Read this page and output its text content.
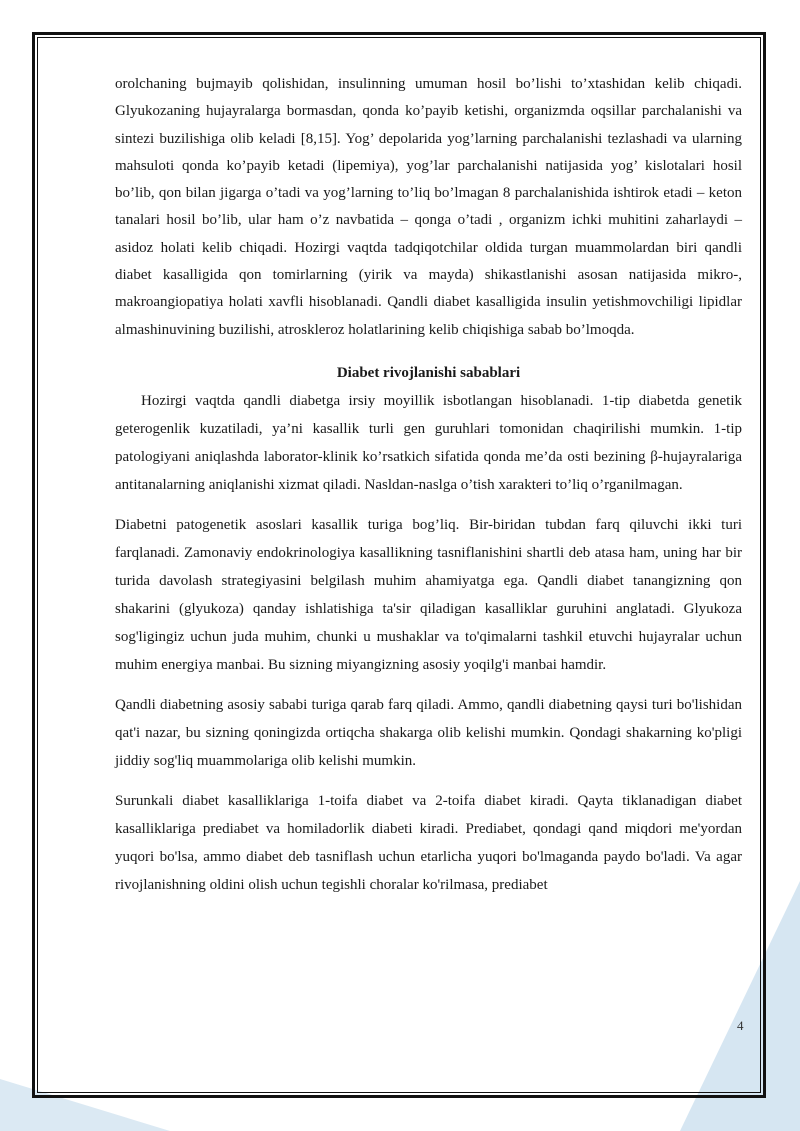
orolchaning bujmayib qolishidan, insulinning umuman hosil bo’lishi to’xtashidan kelib chiqadi. Glyukozaning hujayralarga bormasdan, qonda ko’payib ketishi, organizmda oqsillar parchalanishi va sintezi buzilishiga olib keladi [8,15]. Yog’ depolarida yog’larning parchalanishi tezlashadi va ularning mahsuloti qonda ko’payib ketadi (lipemiya), yog’lar parchalanishi natijasida yog’ kislotalari hosil bo’lib, qon bilan jigarga o’tadi va yog’larning to’liq bo’lmagan 8 parchalanishida ishtirok etadi – keton tanalari hosil bo’lib, ular ham o’z navbatida – qonga o’tadi , organizm ichki muhitini zaharlaydi – asidoz holati kelib chiqadi. Hozirgi vaqtda tadqiqotchilar oldida turgan muammolardan biri qandli diabet kasalligida qon tomirlarning (yirik va mayda) shikastlanishi asosan natijasida mikro-, makroangiopatiya holati xavfli hisoblanadi. Qandli diabet kasalligida insulin yetishmovchiligi lipidlar almashinuvining buzilishi, atroskleroz holatlarining kelib chiqishiga sabab bo’lmoqda.

Diabet rivojlanishi sabablari

Hozirgi vaqtda qandli diabetga irsiy moyillik isbotlangan hisoblanadi. 1-tip diabetda genetik geterogenlik kuzatiladi, ya’ni kasallik turli gen guruhlari tomonidan chaqirilishi mumkin. 1-tip patologiyani aniqlashda laborator-klinik ko’rsatkich sifatida qonda me’da osti bezining β-hujayralariga antitanalarning aniqlanishi xizmat qiladi. Nasldan-naslga o’tish xarakteri to’liq o’rganilmagan.

Diabetni patogenetik asoslari kasallik turiga bog’liq. Bir-biridan tubdan farq qiluvchi ikki turi farqlanadi. Zamonaviy endokrinologiya kasallikning tasniflanishini shartli deb atasa ham, uning har bir turida davolash strategiyasini belgilash muhim ahamiyatga ega. Qandli diabet tanangizning qon shakarini (glyukoza) qanday ishlatishiga ta'sir qiladigan kasalliklar guruhini anglatadi. Glyukoza sog'ligingiz uchun juda muhim, chunki u mushaklar va to'qimalarni tashkil etuvchi hujayralar uchun muhim energiya manbai. Bu sizning miyangizning asosiy yoqilg'i manbai hamdir.

Qandli diabetning asosiy sababi turiga qarab farq qiladi. Ammo, qandli diabetning qaysi turi bo'lishidan qat'i nazar, bu sizning qoningizda ortiqcha shakarga olib kelishi mumkin. Qondagi shakarning ko'pligi jiddiy sog'liq muammolariga olib kelishi mumkin.

Surunkali diabet kasalliklariga 1-toifa diabet va 2-toifa diabet kiradi. Qayta tiklanadigan diabet kasalliklariga prediabet va homiladorlik diabeti kiradi. Prediabet, qondagi qand miqdori me'yordan yuqori bo'lsa, ammo diabet deb tasniflash uchun etarlicha yuqori bo'lmaganda paydo bo'ladi. Va agar rivojlanishning oldini olish uchun tegishli choralar ko'rilmasa, prediabet

4
